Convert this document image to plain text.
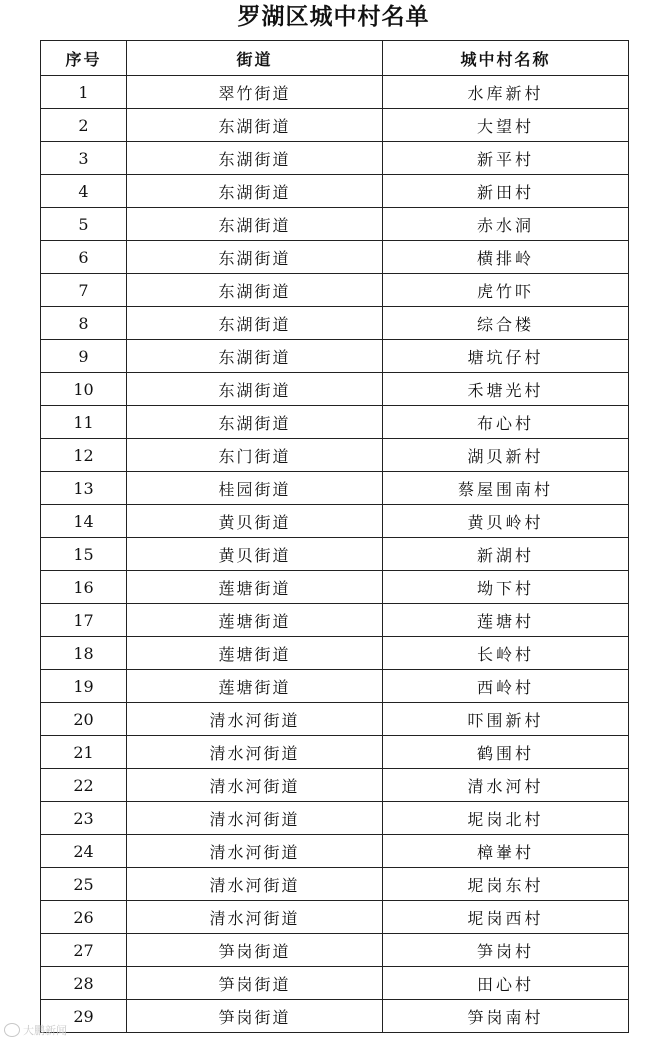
罗湖区城中村名单
序号	街道	城中村名称
1	翠竹街道	水库新村
2	东湖街道	大望村
3	东湖街道	新平村
4	东湖街道	新田村
5	东湖街道	赤水洞
6	东湖街道	横排岭
7	东湖街道	虎竹吓
8	东湖街道	综合楼
9	东湖街道	塘坑仔村
10	东湖街道	禾塘光村
11	东湖街道	布心村
12	东门街道	湖贝新村
13	桂园街道	蔡屋围南村
14	黄贝街道	黄贝岭村
15	黄贝街道	新湖村
16	莲塘街道	坳下村
17	莲塘街道	莲塘村
18	莲塘街道	长岭村
19	莲塘街道	西岭村
20	清水河街道	吓围新村
21	清水河街道	鹤围村
22	清水河街道	清水河村
23	清水河街道	坭岗北村
24	清水河街道	樟輋村
25	清水河街道	坭岗东村
26	清水河街道	坭岗西村
27	笋岗街道	笋岗村
28	笋岗街道	田心村
29	笋岗街道	笋岗南村
大鹏新闻
